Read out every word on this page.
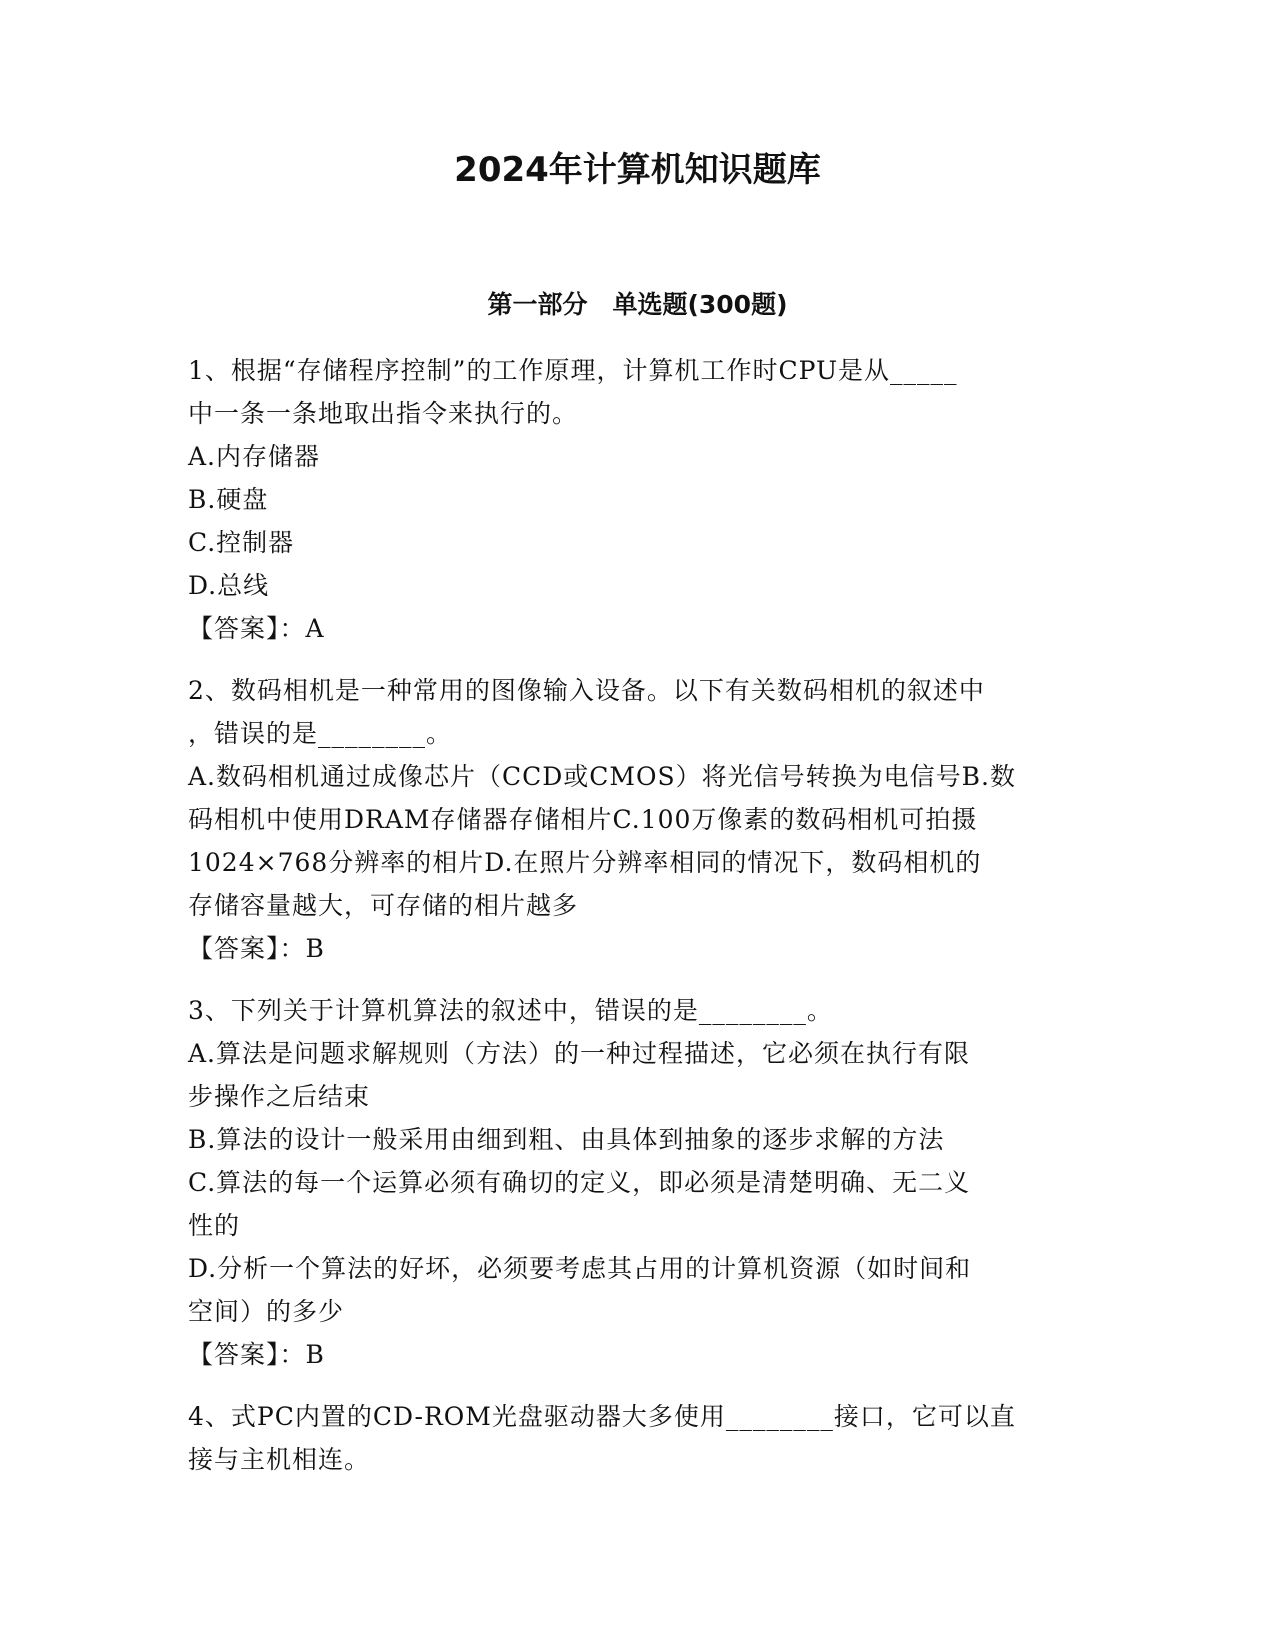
2024年计算机知识题库
第一部分　单选题(300题)

1、根据“存储程序控制”的工作原理，计算机工作时CPU是从_____

中一条一条地取出指令来执行的。

A.内存储器

B.硬盘

C.控制器

D.总线

【答案】：A

2、数码相机是一种常用的图像输入设备。以下有关数码相机的叙述中

，错误的是________。

A.数码相机通过成像芯片（CCD或CMOS）将光信号转换为电信号B.数

码相机中使用DRAM存储器存储相片C.100万像素的数码相机可拍摄

1024×768分辨率的相片D.在照片分辨率相同的情况下，数码相机的

存储容量越大，可存储的相片越多

【答案】：B

3、下列关于计算机算法的叙述中，错误的是________。

A.算法是问题求解规则（方法）的一种过程描述，它必须在执行有限

步操作之后结束

B.算法的设计一般采用由细到粗、由具体到抽象的逐步求解的方法

C.算法的每一个运算必须有确切的定义，即必须是清楚明确、无二义

性的

D.分析一个算法的好坏，必须要考虑其占用的计算机资源（如时间和

空间）的多少

【答案】：B

4、式PC内置的CD-ROM光盘驱动器大多使用________接口，它可以直

接与主机相连。
